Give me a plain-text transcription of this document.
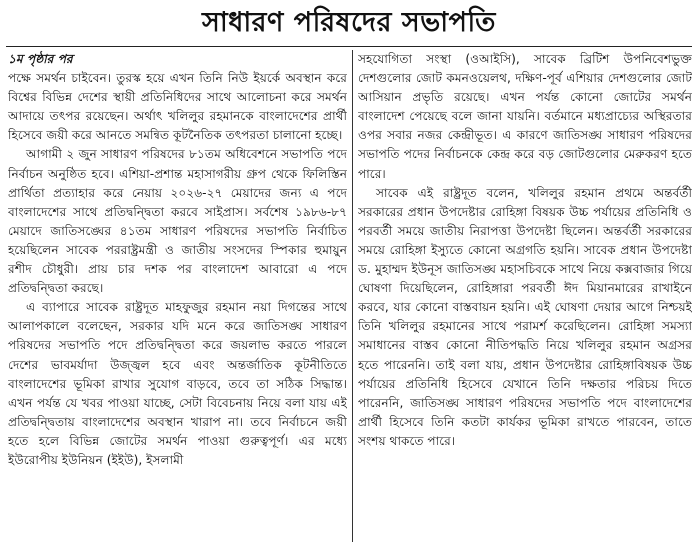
সাধারণ পরিষদের সভাপতি

১ম পৃষ্ঠার পর

পক্ষে সমর্থন চাইবেন। তুরস্ক হয়ে এখন তিনি নিউ ইয়র্কে অবস্থান করে বিশ্বের বিভিন্ন দেশের স্থায়ী প্রতিনিধিদের সাথে আলোচনা করে সমর্থন আদায়ে তৎপর রয়েছেন। অর্থাৎ খলিলুর রহমানকে বাংলাদেশের প্রার্থী হিসেবে জয়ী করে আনতে সমন্বিত কূটনৈতিক তৎপরতা চালানো হচ্ছে।

আগামী ২ জুন সাধারণ পরিষদের ৮১তম অধিবেশনে সভাপতি পদে নির্বাচন অনুষ্ঠিত হবে। এশিয়া-প্রশান্ত মহাসাগরীয় গ্রুপ থেকে ফিলিস্তিন প্রার্থিতা প্রত্যাহার করে নেয়ায় ২০২৬-২৭ মেয়াদের জন্য এ পদে বাংলাদেশের সাথে প্রতিদ্বন্দ্বিতা করবে সাইপ্রাস। সর্বশেষ ১৯৮৬-৮৭ মেয়াদে জাতিসঙ্ঘের ৪১তম সাধারণ পরিষদের সভাপতি নির্বাচিত হয়েছিলেন সাবেক পররাষ্ট্রমন্ত্রী ও জাতীয় সংসদের স্পিকার হুমায়ুন রশীদ চৌধুরী। প্রায় চার দশক পর বাংলাদেশ আবারো এ পদে প্রতিদ্বন্দ্বিতা করছে।

এ ব্যাপারে সাবেক রাষ্ট্রদূত মাহফুজুর রহমান নয়া দিগন্তের সাথে আলাপকালে বলেছেন, সরকার যদি মনে করে জাতিসঙ্ঘ সাধারণ পরিষদের সভাপতি পদে প্রতিদ্বন্দ্বিতা করে জয়লাভ করতে পারলে দেশের ভাবমর্যাদা উজ্জ্বল হবে এবং অন্তর্জাতিক কূটনীতিতে বাংলাদেশের ভূমিকা রাখার সুযোগ বাড়বে, তবে তা সঠিক সিদ্ধান্ত। এখন পর্যন্ত যে খবর পাওয়া যাচ্ছে, সেটা বিবেচনায় নিয়ে বলা যায় এই প্রতিদ্বন্দ্বিতায় বাংলাদেশের অবস্থান খারাপ না। তবে নির্বাচনে জয়ী হতে হলে বিভিন্ন জোটের সমর্থন পাওয়া গুরুত্বপূর্ণ। এর মধ্যে ইউরোপীয় ইউনিয়ন (ইইউ), ইসলামী

সহযোগিতা সংস্থা (ওআইসি), সাবেক ব্রিটিশ উপনিবেশভুক্ত দেশগুলোর জোট কমনওয়েলথ, দক্ষিণ-পূর্ব এশিয়ার দেশগুলোর জোট আসিয়ান প্রভৃতি রয়েছে। এখন পর্যন্ত কোনো জোটের সমর্থন বাংলাদেশ পেয়েছে বলে জানা যায়নি। বর্তমানে মধ্যপ্রাচ্যের অস্থিরতার ওপর সবার নজর কেন্দ্রীভূত। এ কারণে জাতিসঙ্ঘ সাধারণ পরিষদের সভাপতি পদের নির্বাচনকে কেন্দ্র করে বড় জোটগুলোর মেরুকরণ হতে পারে।

সাবেক এই রাষ্ট্রদূত বলেন, খলিলুর রহমান প্রথমে অন্তর্বর্তী সরকারের প্রধান উপদেষ্টার রোহিঙ্গা বিষয়ক উচ্চ পর্যায়ের প্রতিনিধি ও পরবর্তী সময়ে জাতীয় নিরাপত্তা উপদেষ্টা ছিলেন। অন্তর্বর্তী সরকারের সময়ে রোহিঙ্গা ইস্যুতে কোনো অগ্রগতি হয়নি। সাবেক প্রধান উপদেষ্টা ড. মুহাম্মদ ইউনূস জাতিসঙ্ঘ মহাসচিবকে সাথে নিয়ে কক্সবাজার গিয়ে ঘোষণা দিয়েছিলেন, রোহিঙ্গারা পরবর্তী ঈদ মিয়ানমারের রাখাইনে করবে, যার কোনো বাস্তবায়ন হয়নি। এই ঘোষণা দেয়ার আগে নিশ্চয়ই তিনি খলিলুর রহমানের সাথে পরামর্শ করেছিলেন। রোহিঙ্গা সমস্যা সমাধানের বাস্তব কোনো নীতিপদ্ধতি নিয়ে খলিলুর রহমান অগ্রসর হতে পারেননি। তাই বলা যায়, প্রধান উপদেষ্টার রোহিঙ্গাবিষয়ক উচ্চ পর্যায়ের প্রতিনিধি হিসেবে যেখানে তিনি দক্ষতার পরিচয় দিতে পারেননি, জাতিসঙ্ঘ সাধারণ পরিষদের সভাপতি পদে বাংলাদেশের প্রার্থী হিসেবে তিনি কতটা কার্যকর ভূমিকা রাখতে পারবেন, তাতে সংশয় থাকতে পারে।
